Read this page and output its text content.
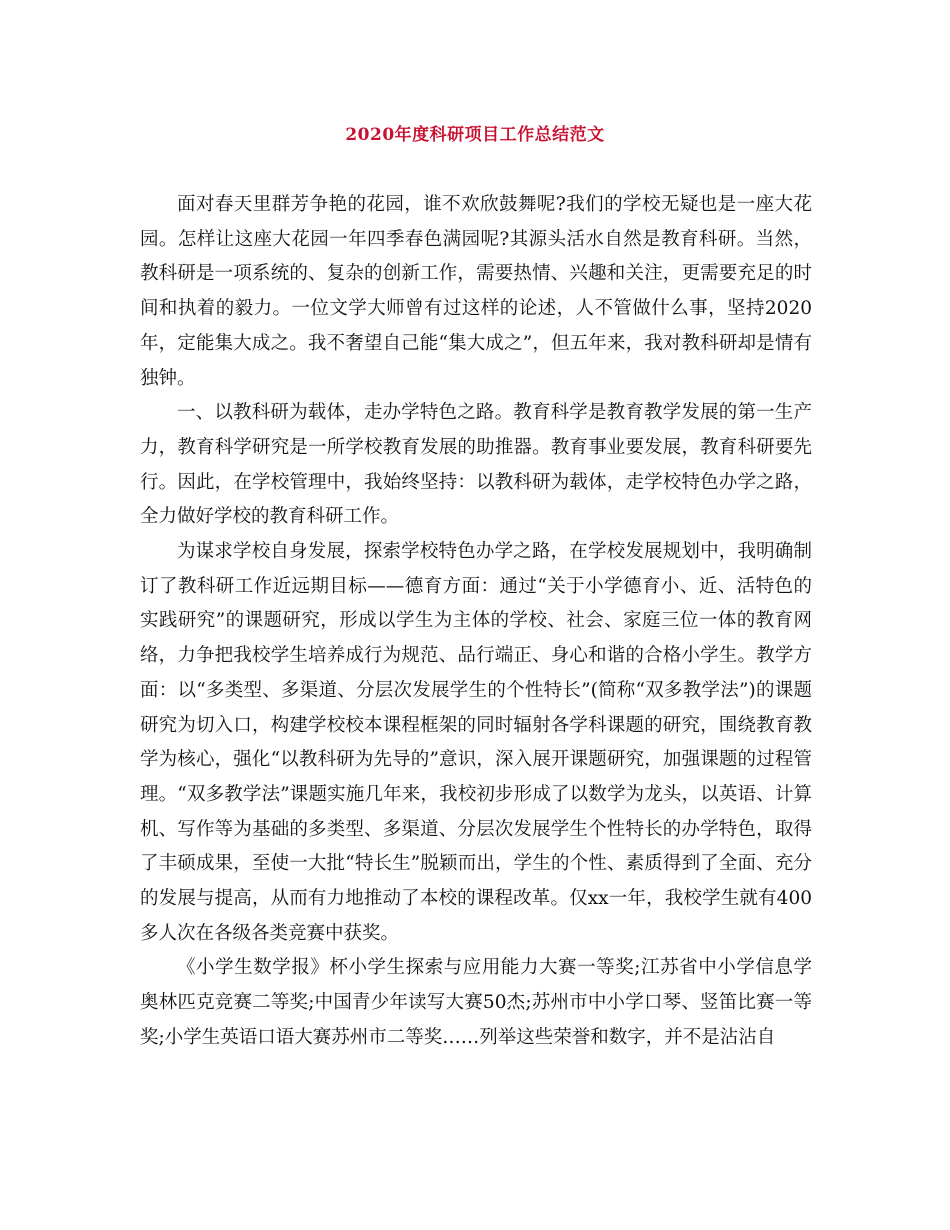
2020年度科研项目工作总结范文

面对春天里群芳争艳的花园，谁不欢欣鼓舞呢?我们的学校无疑也是一座大花园。怎样让这座大花园一年四季春色满园呢?其源头活水自然是教育科研。当然，教科研是一项系统的、复杂的创新工作，需要热情、兴趣和关注，更需要充足的时间和执着的毅力。一位文学大师曾有过这样的论述，人不管做什么事，坚持2020年，定能集大成之。我不奢望自己能“集大成之”，但五年来，我对教科研却是情有独钟。

一、以教科研为载体，走办学特色之路。教育科学是教育教学发展的第一生产力，教育科学研究是一所学校教育发展的助推器。教育事业要发展，教育科研要先行。因此，在学校管理中，我始终坚持：以教科研为载体，走学校特色办学之路，全力做好学校的教育科研工作。

为谋求学校自身发展，探索学校特色办学之路，在学校发展规划中，我明确制订了教科研工作近远期目标——德育方面：通过“关于小学德育小、近、活特色的实践研究”的课题研究，形成以学生为主体的学校、社会、家庭三位一体的教育网络，力争把我校学生培养成行为规范、品行端正、身心和谐的合格小学生。教学方面：以“多类型、多渠道、分层次发展学生的个性特长”(简称“双多教学法”)的课题研究为切入口，构建学校校本课程框架的同时辐射各学科课题的研究，围绕教育教学为核心，强化“以教科研为先导的”意识，深入展开课题研究，加强课题的过程管理。“双多教学法”课题实施几年来，我校初步形成了以数学为龙头，以英语、计算机、写作等为基础的多类型、多渠道、分层次发展学生个性特长的办学特色，取得了丰硕成果，至使一大批“特长生”脱颖而出，学生的个性、素质得到了全面、充分的发展与提高，从而有力地推动了本校的课程改革。仅xx一年，我校学生就有400多人次在各级各类竞赛中获奖。

《小学生数学报》杯小学生探索与应用能力大赛一等奖;江苏省中小学信息学奥林匹克竞赛二等奖;中国青少年读写大赛50杰;苏州市中小学口琴、竖笛比赛一等奖;小学生英语口语大赛苏州市二等奖……列举这些荣誉和数字，并不是沾沾自
